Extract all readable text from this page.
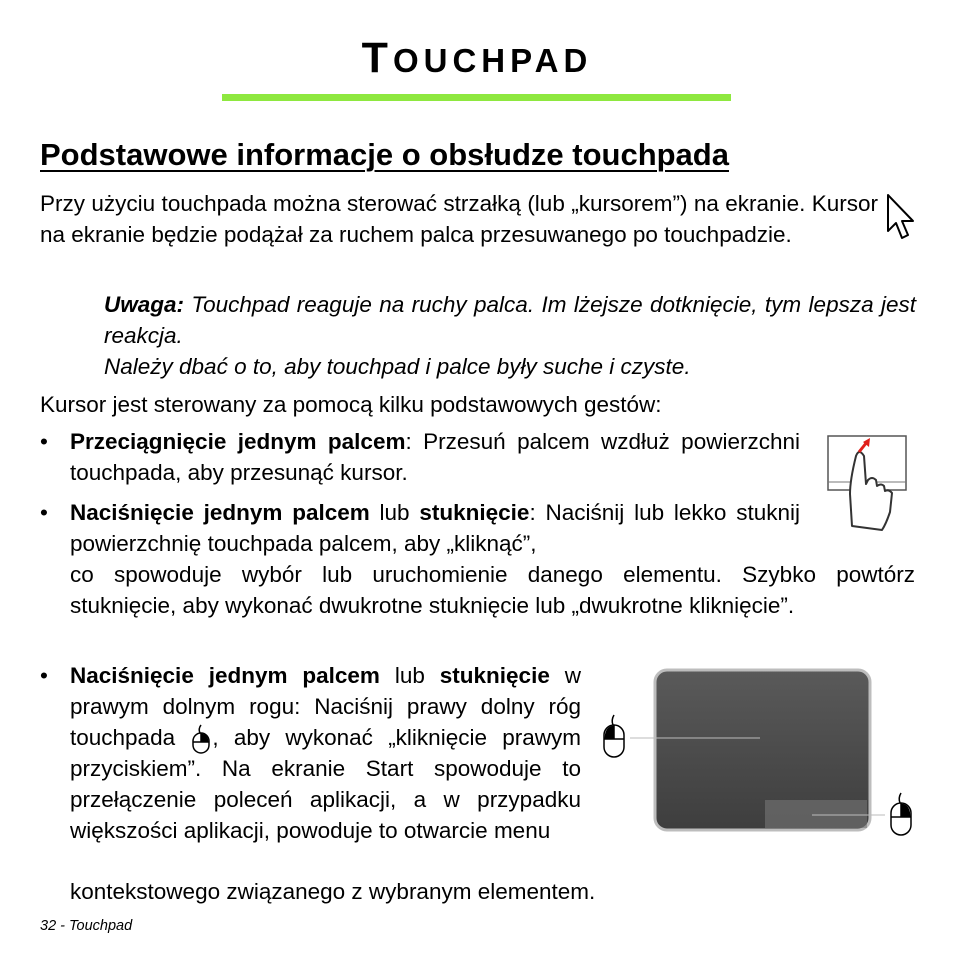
TOUCHPAD
Podstawowe informacje o obsłudze touchpada
Przy użyciu touchpada można sterować strzałką (lub „kursorem”) na ekranie. Kursor na ekranie będzie podążał za ruchem palca przesuwanego po touchpadzie.
Uwaga: Touchpad reaguje na ruchy palca. Im lżejsze dotknięcie, tym lepsza jest reakcja.
Należy dbać o to, aby touchpad i palce były suche i czyste.
Kursor jest sterowany za pomocą kilku podstawowych gestów:
• Przeciągnięcie jednym palcem: Przesuń palcem wzdłuż powierzchni touchpada, aby przesunąć kursor.
• Naciśnięcie jednym palcem lub stuknięcie: Naciśnij lub lekko stuknij powierzchnię touchpada palcem, aby „kliknąć”,
co spowoduje wybór lub uruchomienie danego elementu. Szybko powtórz stuknięcie, aby wykonać dwukrotne stuknięcie lub „dwukrotne kliknięcie”.
• Naciśnięcie jednym palcem lub stuknięcie w prawym dolnym rogu: Naciśnij prawy dolny róg touchpada
, aby wykonać „kliknięcie prawym przyciskiem”. Na ekranie Start spowoduje to przełączenie poleceń aplikacji, a w przypadku większości aplikacji, powoduje to otwarcie menu
kontekstowego związanego z wybranym elementem.
32 - Touchpad
